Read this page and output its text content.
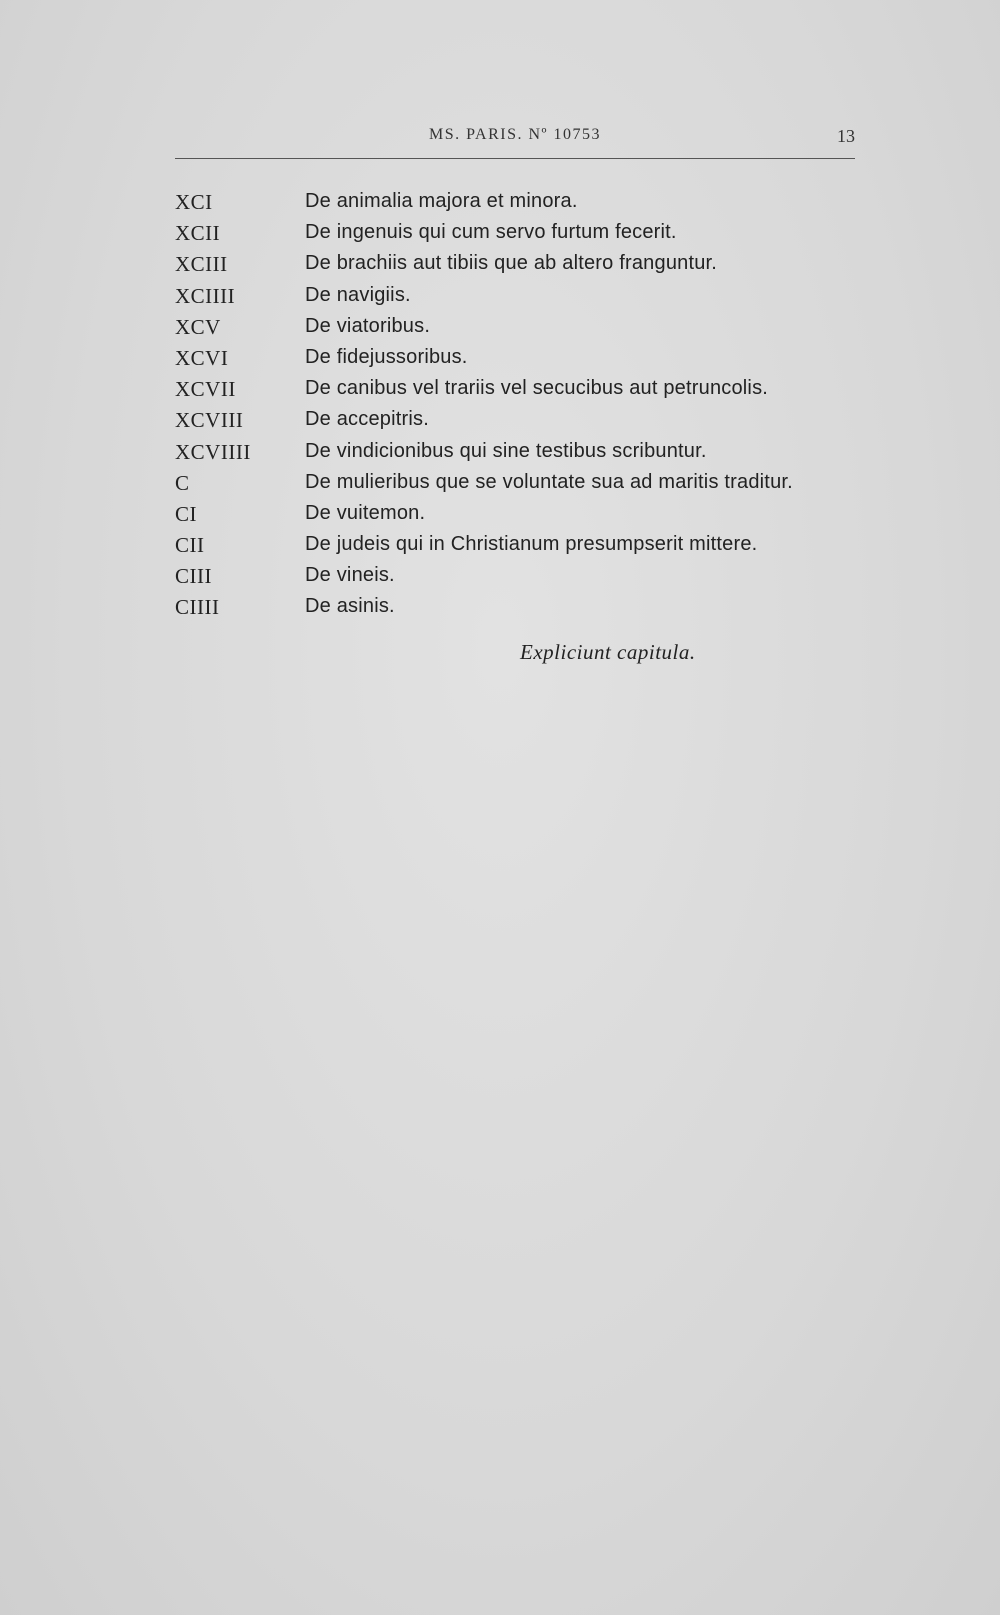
MS. PARIS. Nº 10753	13
XCI	De animalia majora et minora.
XCII	De ingenuis qui cum servo furtum fecerit.
XCIII	De brachiis aut tibiis que ab altero franguntur.
XCIIII	De navigiis.
XCV	De viatoribus.
XCVI	De fidejussoribus.
XCVII	De canibus vel trariis vel secucibus aut petruncolis.
XCVIII	De accepitris.
XCVIIII	De vindicionibus qui sine testibus scribuntur.
C	De mulieribus que se voluntate sua ad maritis traditur.
CI	De vuitemon.
CII	De judeis qui in Christianum presumpserit mittere.
CIII	De vineis.
CIIII	De asinis.
Expliciunt capitula.
